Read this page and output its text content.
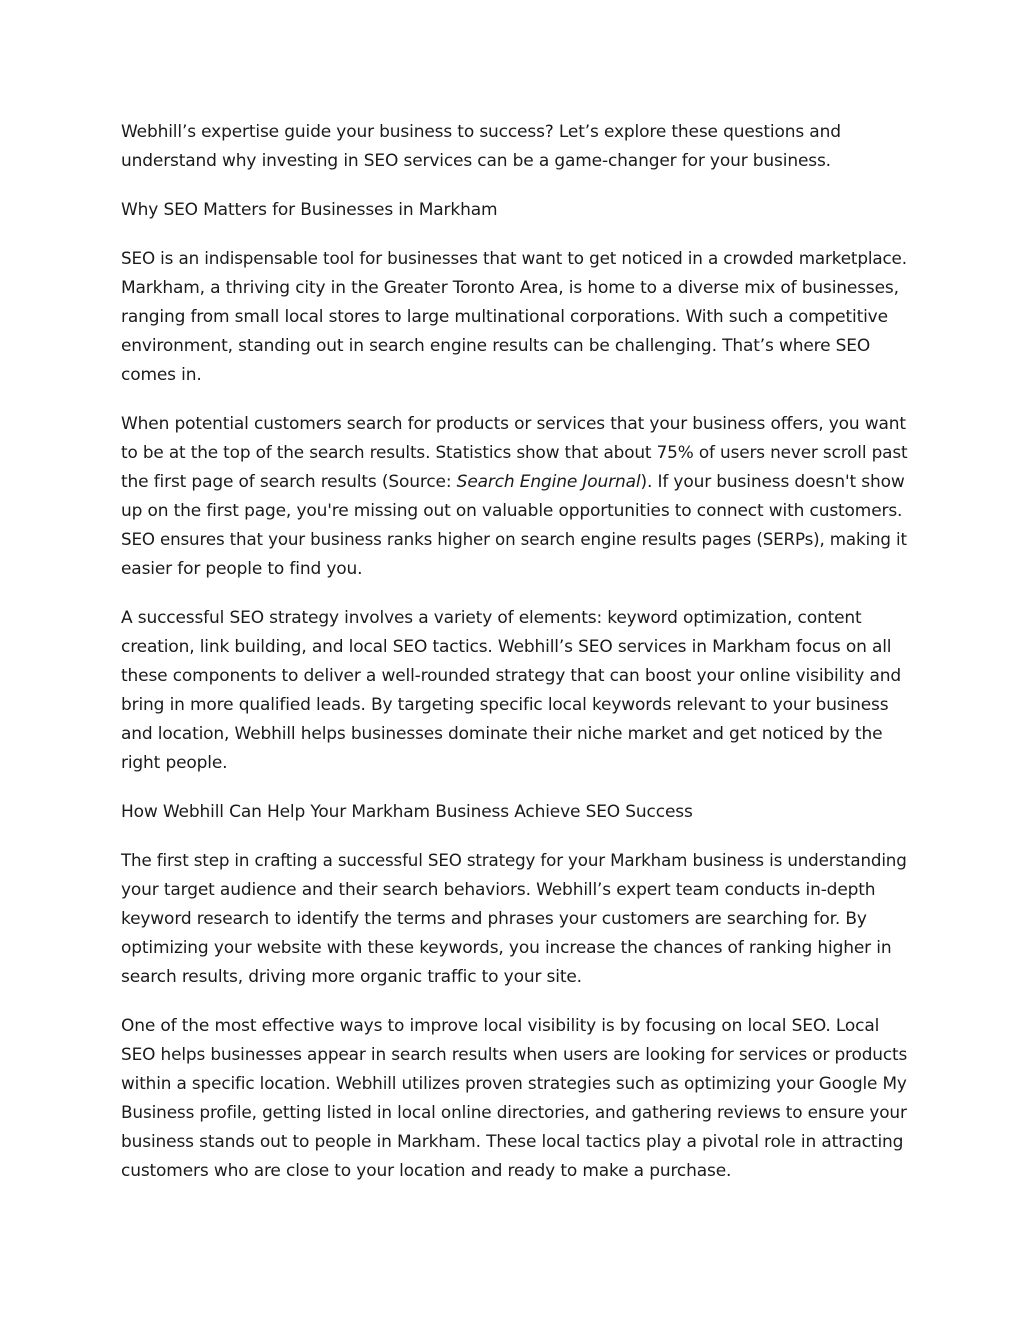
Webhill’s expertise guide your business to success? Let’s explore these questions and
understand why investing in SEO services can be a game-changer for your business.

Why SEO Matters for Businesses in Markham

SEO is an indispensable tool for businesses that want to get noticed in a crowded marketplace.
Markham, a thriving city in the Greater Toronto Area, is home to a diverse mix of businesses,
ranging from small local stores to large multinational corporations. With such a competitive
environment, standing out in search engine results can be challenging. That’s where SEO
comes in.

When potential customers search for products or services that your business offers, you want
to be at the top of the search results. Statistics show that about 75% of users never scroll past
the first page of search results (Source: Search Engine Journal). If your business doesn't show
up on the first page, you're missing out on valuable opportunities to connect with customers.
SEO ensures that your business ranks higher on search engine results pages (SERPs), making it
easier for people to find you.

A successful SEO strategy involves a variety of elements: keyword optimization, content
creation, link building, and local SEO tactics. Webhill’s SEO services in Markham focus on all
these components to deliver a well-rounded strategy that can boost your online visibility and
bring in more qualified leads. By targeting specific local keywords relevant to your business
and location, Webhill helps businesses dominate their niche market and get noticed by the
right people.

How Webhill Can Help Your Markham Business Achieve SEO Success

The first step in crafting a successful SEO strategy for your Markham business is understanding
your target audience and their search behaviors. Webhill’s expert team conducts in-depth
keyword research to identify the terms and phrases your customers are searching for. By
optimizing your website with these keywords, you increase the chances of ranking higher in
search results, driving more organic traffic to your site.

One of the most effective ways to improve local visibility is by focusing on local SEO. Local
SEO helps businesses appear in search results when users are looking for services or products
within a specific location. Webhill utilizes proven strategies such as optimizing your Google My
Business profile, getting listed in local online directories, and gathering reviews to ensure your
business stands out to people in Markham. These local tactics play a pivotal role in attracting
customers who are close to your location and ready to make a purchase.
